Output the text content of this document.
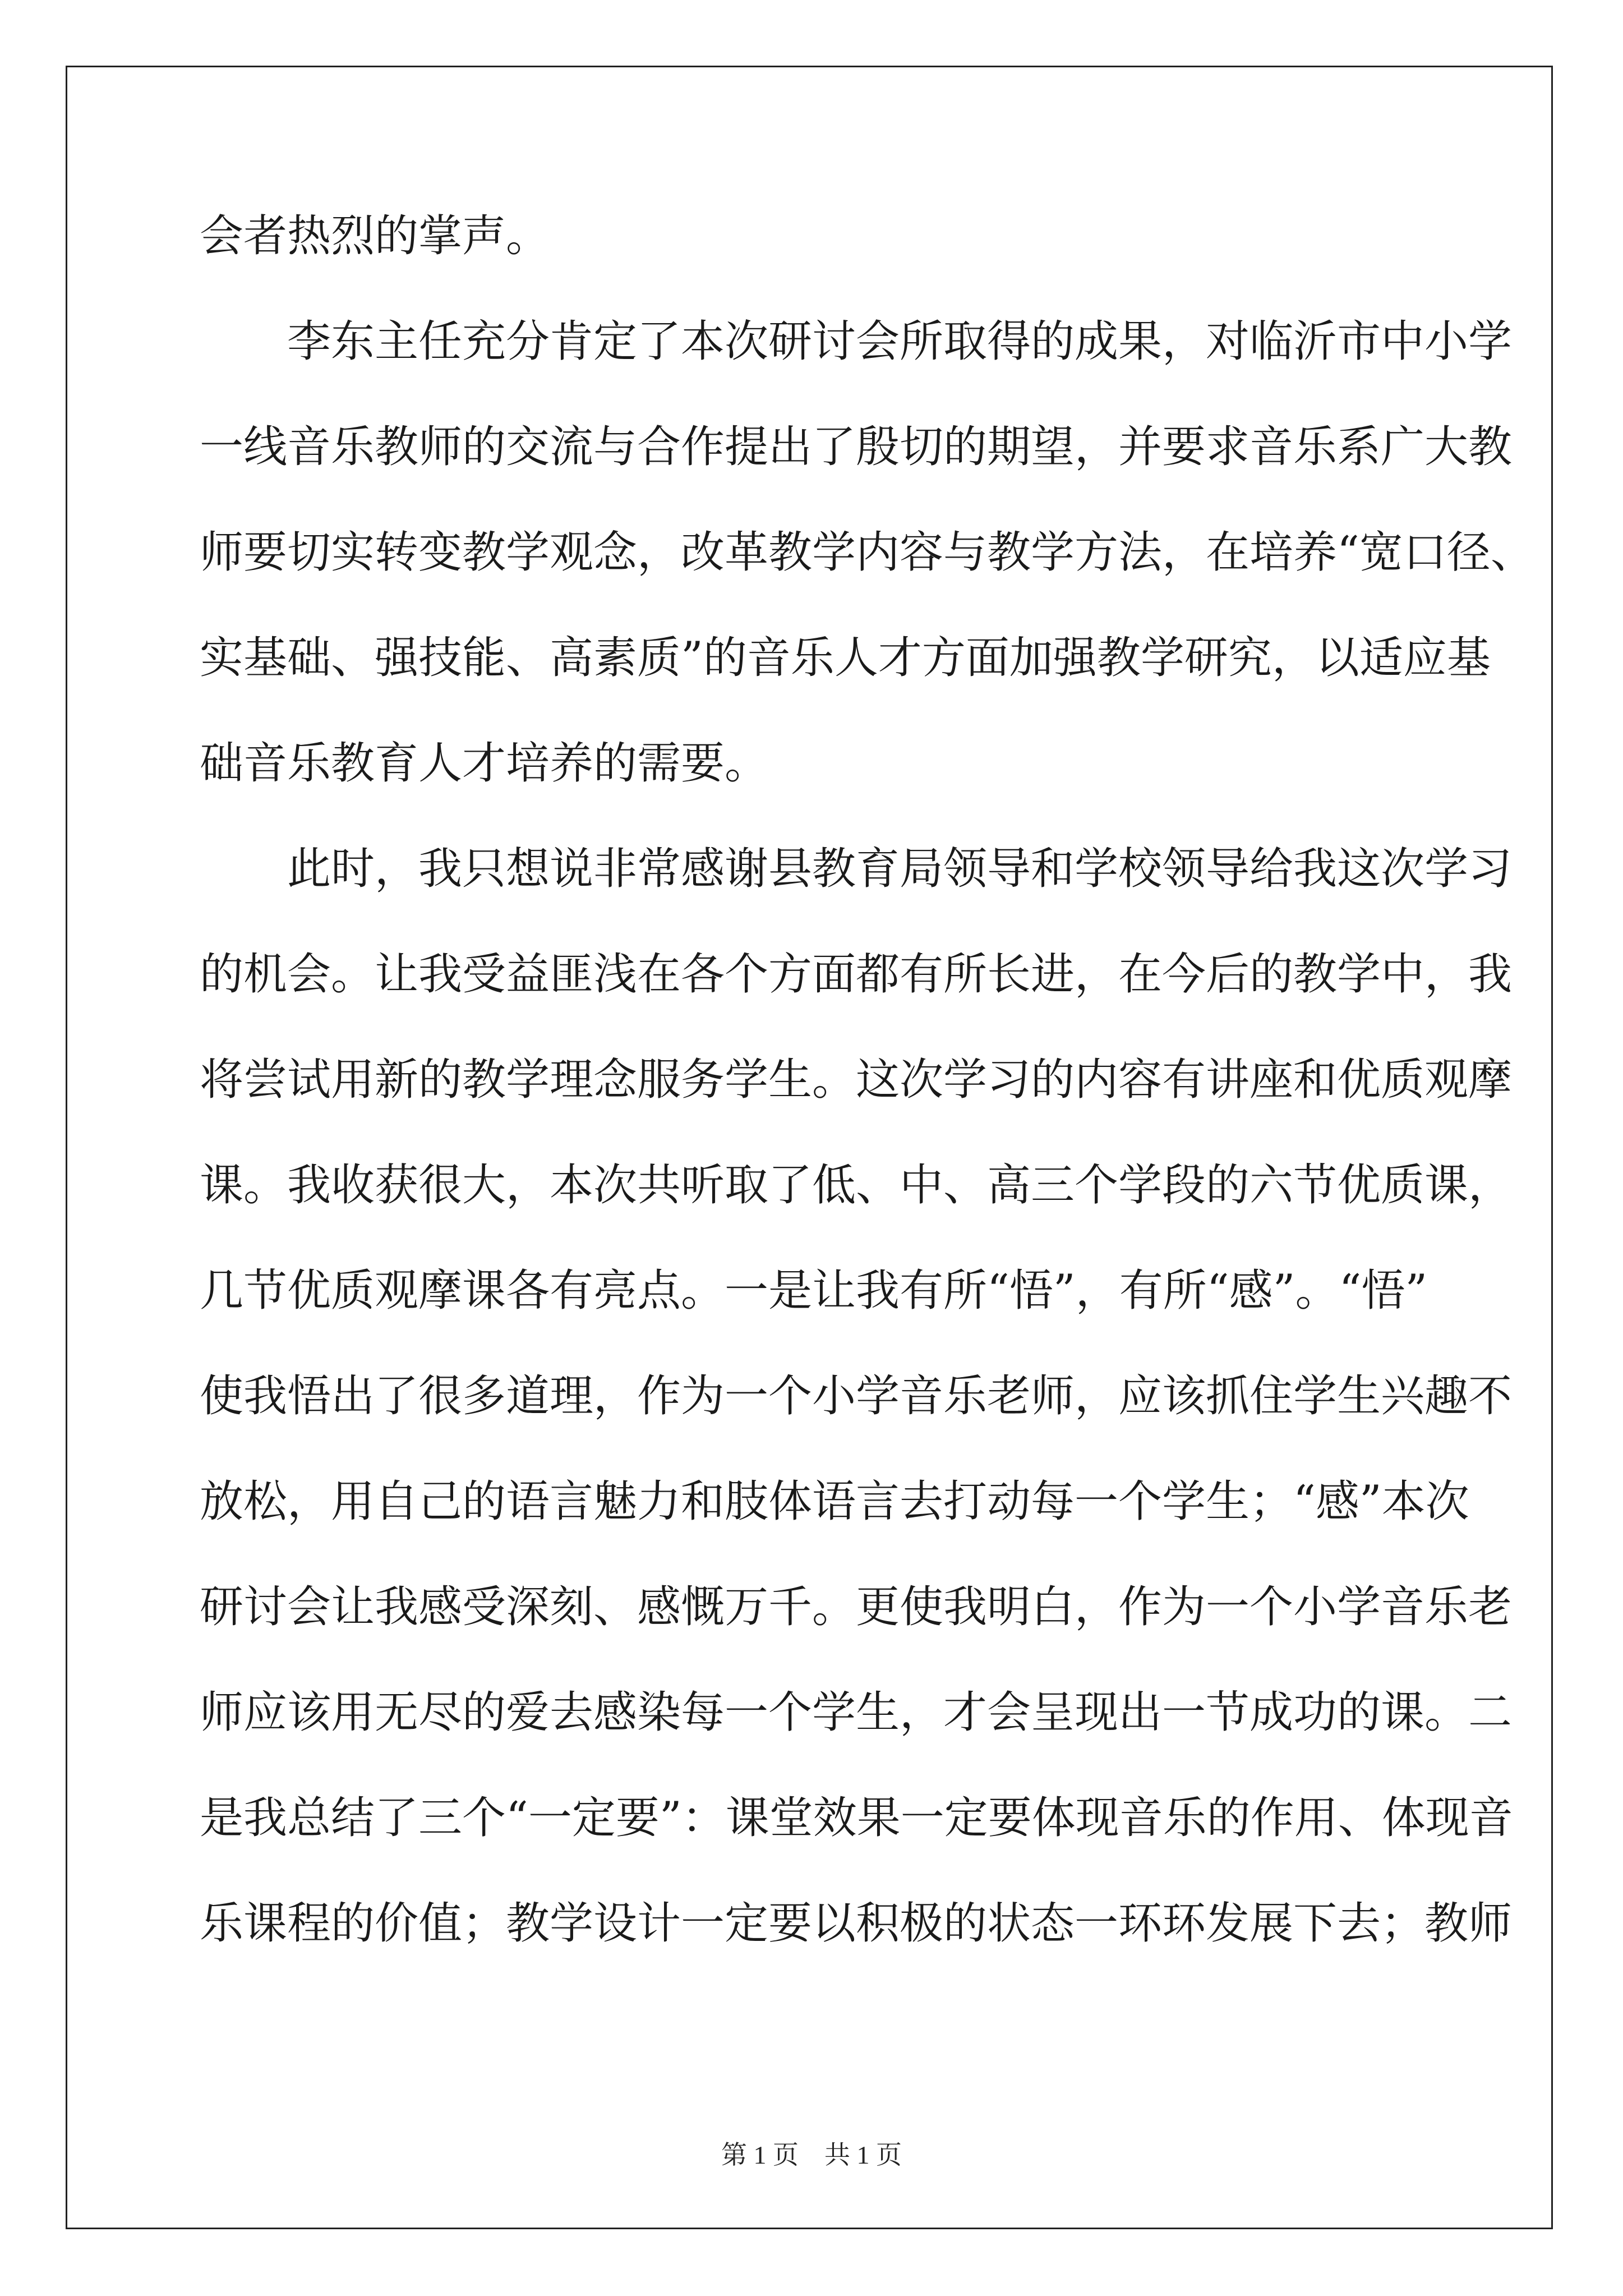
会者热烈的掌声。
　　李东主任充分肯定了本次研讨会所取得的成果，对临沂市中小学
一线音乐教师的交流与合作提出了殷切的期望，并要求音乐系广大教
师要切实转变教学观念，改革教学内容与教学方法，在培养“宽口径、
实基础、强技能、高素质”的音乐人才方面加强教学研究，以适应基
础音乐教育人才培养的需要。
　　此时，我只想说非常感谢县教育局领导和学校领导给我这次学习
的机会。让我受益匪浅在各个方面都有所长进，在今后的教学中，我
将尝试用新的教学理念服务学生。这次学习的内容有讲座和优质观摩
课。我收获很大，本次共听取了低、中、高三个学段的六节优质课，
几节优质观摩课各有亮点。一是让我有所“悟”，有所“感”。“悟”
使我悟出了很多道理，作为一个小学音乐老师，应该抓住学生兴趣不
放松，用自己的语言魅力和肢体语言去打动每一个学生；“感”本次
研讨会让我感受深刻、感慨万千。更使我明白，作为一个小学音乐老
师应该用无尽的爱去感染每一个学生，才会呈现出一节成功的课。二
是我总结了三个“一定要”：课堂效果一定要体现音乐的作用、体现音
乐课程的价值；教学设计一定要以积极的状态一环环发展下去；教师
第 1 页 共 1 页
